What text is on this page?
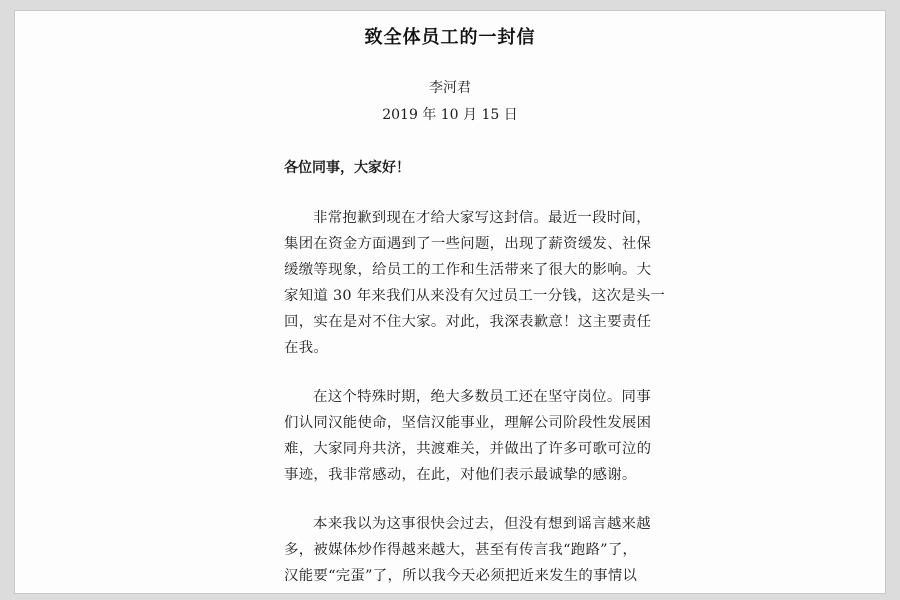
致全体员工的一封信
李河君
2019 年 10 月 15 日
各位同事，大家好！
非常抱歉到现在才给大家写这封信。最近一段时间，
集团在资金方面遇到了一些问题，出现了薪资缓发、社保
缓缴等现象，给员工的工作和生活带来了很大的影响。大
家知道 30 年来我们从来没有欠过员工一分钱，这次是头一
回，实在是对不住大家。对此，我深表歉意！这主要责任
在我。
在这个特殊时期，绝大多数员工还在坚守岗位。同事
们认同汉能使命，坚信汉能事业，理解公司阶段性发展困
难，大家同舟共济，共渡难关，并做出了许多可歌可泣的
事迹，我非常感动，在此，对他们表示最诚挚的感谢。
本来我以为这事很快会过去，但没有想到谣言越来越
多，被媒体炒作得越来越大，甚至有传言我“跑路”了，
汉能要“完蛋”了，所以我今天必须把近来发生的事情以
